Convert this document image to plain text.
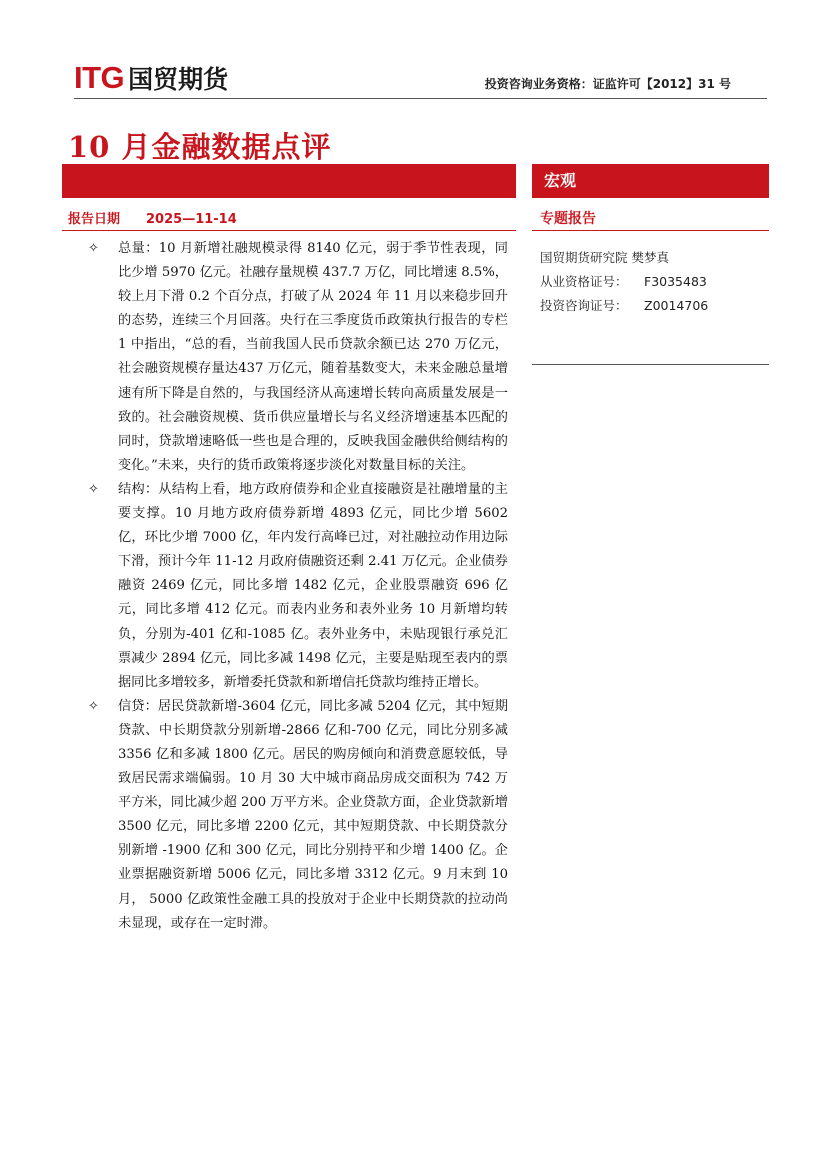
ITG 国贸期货	投资咨询业务资格：证监许可【2012】31 号
10 月金融数据点评
宏观
报告日期 2025—11-14	专题报告
国贸期货研究院 樊梦真
从业资格证号： F3035483
投资咨询证号： Z0014706
✧ 总量：10 月新增社融规模录得 8140 亿元，弱于季节性表现，同比少增 5970 亿元。社融存量规模 437.7 万亿，同比增速 8.5%，较上月下滑 0.2 个百分点，打破了从 2024 年 11 月以来稳步回升的态势，连续三个月回落。央行在三季度货币政策执行报告的专栏 1 中指出，“总的看，当前我国人民币贷款余额已达 270 万亿元，社会融资规模存量达437 万亿元，随着基数变大，未来金融总量增速有所下降是自然的，与我国经济从高速增长转向高质量发展是一致的。社会融资规模、货币供应量增长与名义经济增速基本匹配的同时，贷款增速略低一些也是合理的，反映我国金融供给侧结构的变化。”未来，央行的货币政策将逐步淡化对数量目标的关注。
✧ 结构：从结构上看，地方政府债券和企业直接融资是社融增量的主要支撑。10 月地方政府债券新增 4893 亿元，同比少增 5602 亿，环比少增 7000 亿，年内发行高峰已过，对社融拉动作用边际下滑，预计今年 11-12 月政府债融资还剩 2.41 万亿元。企业债券融资 2469 亿元，同比多增 1482 亿元，企业股票融资 696 亿元，同比多增 412 亿元。而表内业务和表外业务 10 月新增均转负，分别为-401 亿和-1085 亿。表外业务中，未贴现银行承兑汇票减少 2894 亿元，同比多减 1498 亿元，主要是贴现至表内的票据同比多增较多，新增委托贷款和新增信托贷款均维持正增长。
✧ 信贷：居民贷款新增-3604 亿元，同比多减 5204 亿元，其中短期贷款、中长期贷款分别新增-2866 亿和-700 亿元，同比分别多减 3356 亿和多减 1800 亿元。居民的购房倾向和消费意愿较低，导致居民需求端偏弱。10 月 30 大中城市商品房成交面积为 742 万平方米，同比减少超 200 万平方米。企业贷款方面，企业贷款新增 3500 亿元，同比多增 2200 亿元，其中短期贷款、中长期贷款分别新增 -1900 亿和 300 亿元，同比分别持平和少增 1400 亿。企业票据融资新增 5006 亿元，同比多增 3312 亿元。9 月末到 10 月， 5000 亿政策性金融工具的投放对于企业中长期贷款的拉动尚未显现，或存在一定时滞。
